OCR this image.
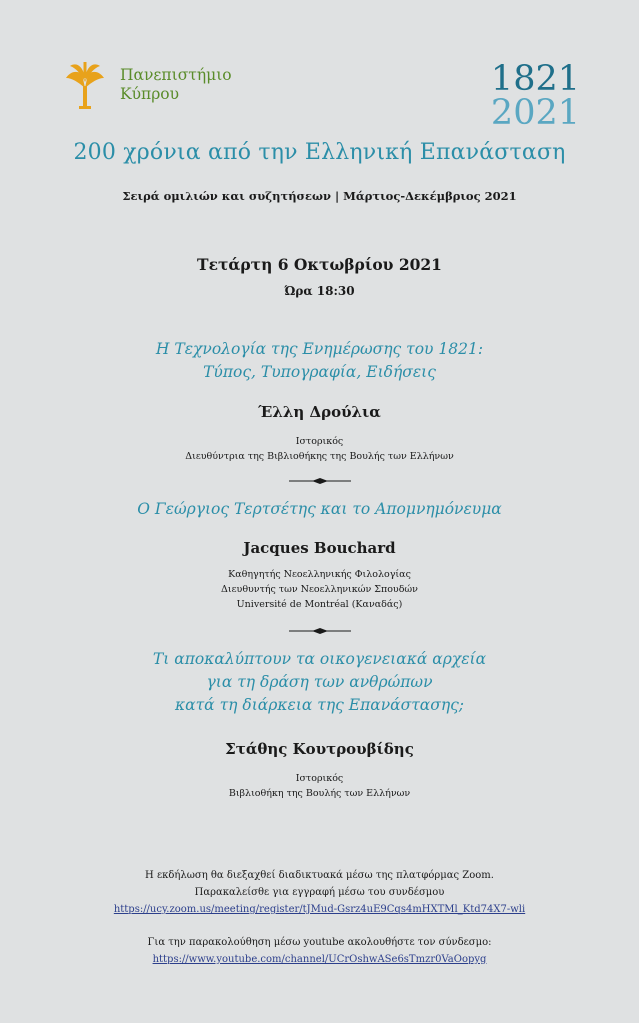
Πανεπιστήμιο
Κύπρου	1821
2021
200 χρόνια από την Ελληνική Επανάσταση
Σειρά ομιλιών και συζητήσεων | Μάρτιος-Δεκέμβριος 2021
Τετάρτη 6 Οκτωβρίου 2021
Ώρα 18:30
Η Τεχνολογία της Ενημέρωσης του 1821:
Τύπος, Τυπογραφία, Ειδήσεις
Έλλη Δρούλια
Ιστορικός
Διευθύντρια της Βιβλιοθήκης της Βουλής των Ελλήνων
Ο Γεώργιος Τερτσέτης και το Απομνημόνευμα
Jacques Bouchard
Καθηγητής Νεοελληνικής Φιλολογίας
Διευθυντής των Νεοελληνικών Σπουδών
Université de Montréal (Καναδάς)
Τι αποκαλύπτουν τα οικογενειακά αρχεία
για τη δράση των ανθρώπων
κατά τη διάρκεια της Επανάστασης;
Στάθης Κουτρουβίδης
Ιστορικός
Βιβλιοθήκη της Βουλής των Ελλήνων
Η εκδήλωση θα διεξαχθεί διαδικτυακά μέσω της πλατφόρμας Zoom.
Παρακαλείσθε για εγγραφή μέσω του συνδέσμου
https://ucy.zoom.us/meeting/register/tJMud-Gsrz4uE9Cqs4mHXTMl_Ktd74X7-wli
Για την παρακολούθηση μέσω youtube ακολουθήστε τον σύνδεσμο:
https://www.youtube.com/channel/UCrOshwASe6sTmzr0VaOopyg
